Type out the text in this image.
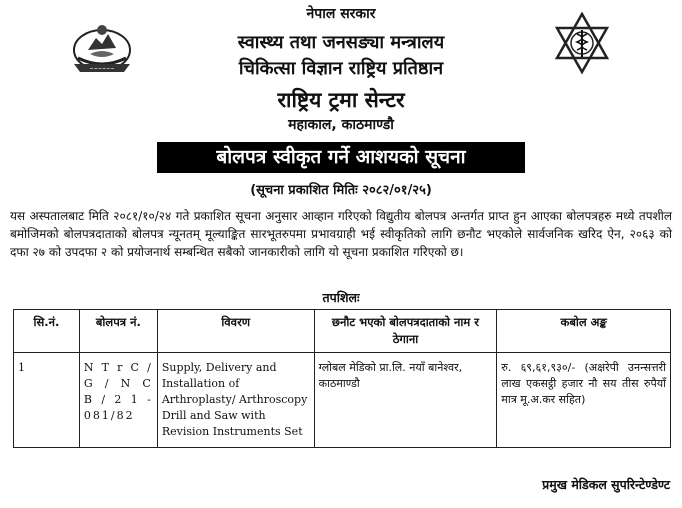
~~~~~~
नेपाल सरकार
स्वास्थ्य तथा जनसङ्या मन्त्रालय
चिकित्सा विज्ञान राष्ट्रिय प्रतिष्ठान
राष्ट्रिय ट्रमा सेन्टर
महाकाल, काठमाण्डौ
बोलपत्र स्वीकृत गर्ने आशयको सूचना
(सूचना प्रकाशित मितिः २०८२/०१/२५)

यस अस्पतालबाट मिति २०८१/१०/२४ गते प्रकाशित सूचना अनुसार आव्हान गरिएको विद्युतीय बोलपत्र अन्तर्गत प्राप्त हुन आएका बोलपत्रहरु मध्ये तपशील बमोजिमको बोलपत्रदाताको बोलपत्र न्यूनतम् मूल्याङ्कित सारभूतरुपमा प्रभावग्राही भई स्वीकृतिको लागि छनौट भएकोले सार्वजनिक खरिद ऐन, २०६३ को दफा २७ को उपदफा २ को प्रयोजनार्थ सम्बन्धित सबैको जानकारीको लागि यो सूचना प्रकाशित गरिएको छ।

तपशिलः
सि.नं.	बोलपत्र नं.	विवरण	छनौट भएको बोलपत्रदाताको नाम र ठेगाना	कबोल अङ्क
1	N T r C / G / N C B / 2 1 - 081/82	Supply, Delivery and Installation of Arthroplasty/ Arthroscopy Drill and Saw with Revision Instruments Set	ग्लोबल मेडिको प्रा.लि. नयाँ बानेश्वर, काठमाण्डौ	रु. ६९,६१,९३०/- (अक्षरेपी उनन्सत्तरी लाख एकसट्ठी हजार नौ सय तीस रुपैयाँ मात्र मू.अ.कर सहित)
प्रमुख मेडिकल सुपरिन्टेण्डेण्ट
